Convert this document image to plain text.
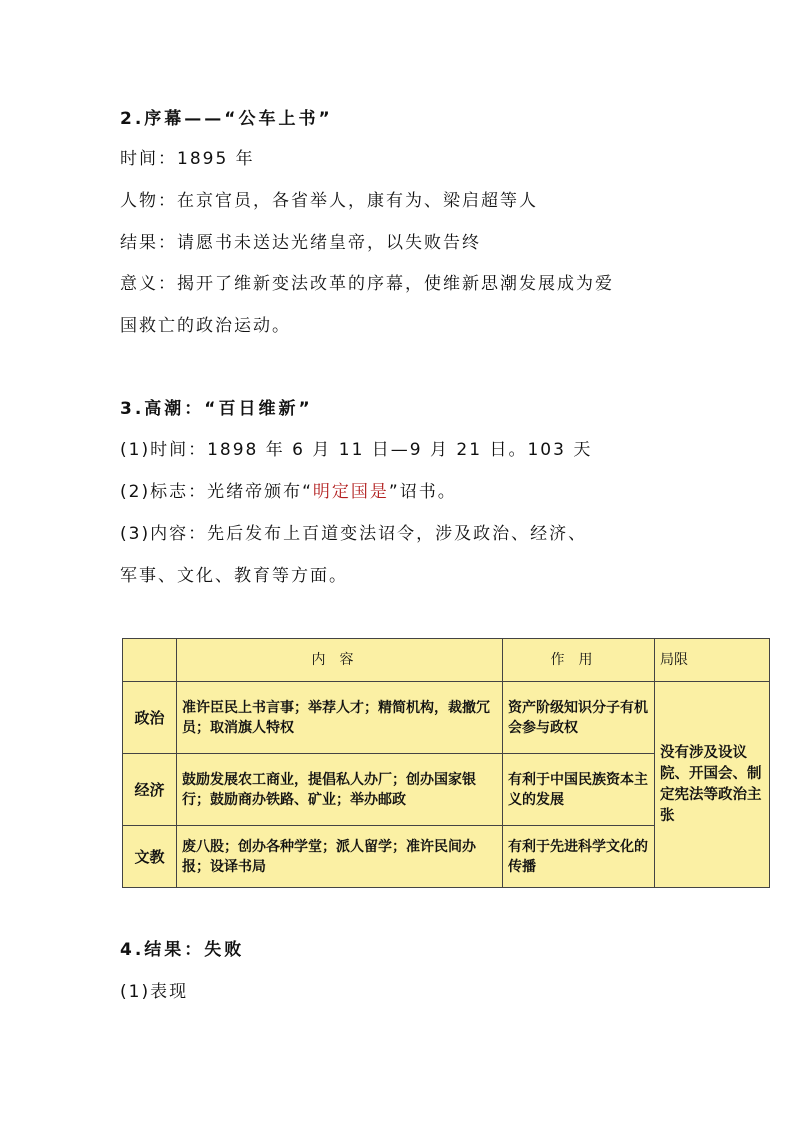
2.序幕——“公车上书”
时间：1895 年
人物：在京官员，各省举人，康有为、梁启超等人
结果：请愿书未送达光绪皇帝，以失败告终
意义：揭开了维新变法改革的序幕，使维新思潮发展成为爱
国救亡的政治运动。
3.高潮：“百日维新”
(1)时间：1898 年 6 月 11 日—9 月 21 日。103 天
(2)标志：光绪帝颁布“明定国是”诏书。
(3)内容：先后发布上百道变法诏令，涉及政治、经济、
军事、文化、教育等方面。
	内容	作用	局限
政治	准许臣民上书言事；举荐人才；精简机构，裁撤冗员；取消旗人特权	资产阶级知识分子有机会参与政权	没有涉及设议院、开国会、制定宪法等政治主张
经济	鼓励发展农工商业，提倡私人办厂；创办国家银行；鼓励商办铁路、矿业；举办邮政	有利于中国民族资本主义的发展	
文教	废八股；创办各种学堂；派人留学；准许民间办报；设译书局	有利于先进科学文化的传播	
4.结果：失败
(1)表现
